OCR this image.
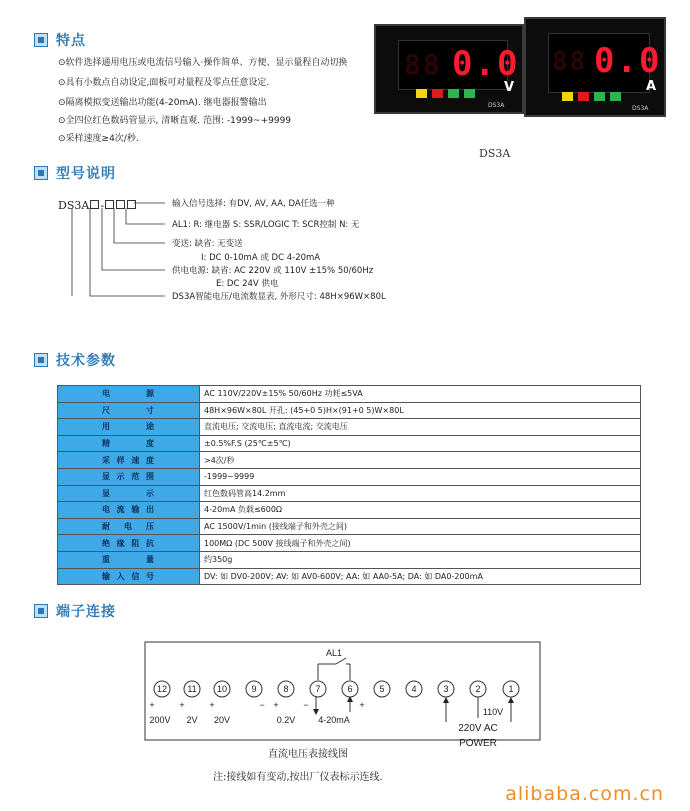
特点
⊙软件选择通用电压或电流信号输入·操作简单、方便、显示量程自动切换
⊙具有小数点自动设定,面板可对量程及零点任意设定.
⊙隔离模拟变送输出功能(4-20mA). 继电器报警输出
⊙全四位红色数码管显示, 清晰直观. 范围: -1999~+9999
⊙采样速度≥4次/秒.
88 0.0
V
DS3A
88 0.0
A
DS3A
DS3A
型号说明
DS3A -	输入信号选择: 有DV, AV, AA, DA任选一种
AL1: R: 继电器 S: SSR/LOGIC T: SCR控制 N: 无
变送: 缺省: 无变送
I: DC 0-10mA 或 DC 4-20mA
供电电源: 缺省: AC 220V 或 110V ±15% 50/60Hz
E: DC 24V 供电
DS3A智能电压/电流数显表, 外形尺寸: 48H×96W×80L
技术参数
电源	AC 110V/220V±15% 50/60Hz 功耗≤5VA
尺寸	48H×96W×80L 开孔: (45+0 5)H×(91+0 5)W×80L
用途	直流电压; 交流电压; 直流电流; 交流电压
精度	±0.5%F.S (25℃±5℃)
采样速度	>4次/秒
显示范围	-1999~9999
显示	红色数码管高14.2mm
电流输出	4-20mA 负载≤600Ω
耐电压	AC 1500V/1min (接线端子和外壳之间)
绝缘阻抗	100MΩ (DC 500V 接线端子和外壳之间)
重量	约350g
输入信号	DV: 如 DV0-200V; AV: 如 AV0-600V; AA: 如 AA0-5A; DA: 如 DA0-200mA
端子连接
12 11 10	9	8	7	6	5	4	3	2	1
AL1
+	+	+	− +	−	+
200V 2V 20V	0.2V	4-20mA
110V
220V AC
POWER
直流电压表接线图
注:接线如有变动,按出厂仪表标示连线.
alibaba.com.cn
